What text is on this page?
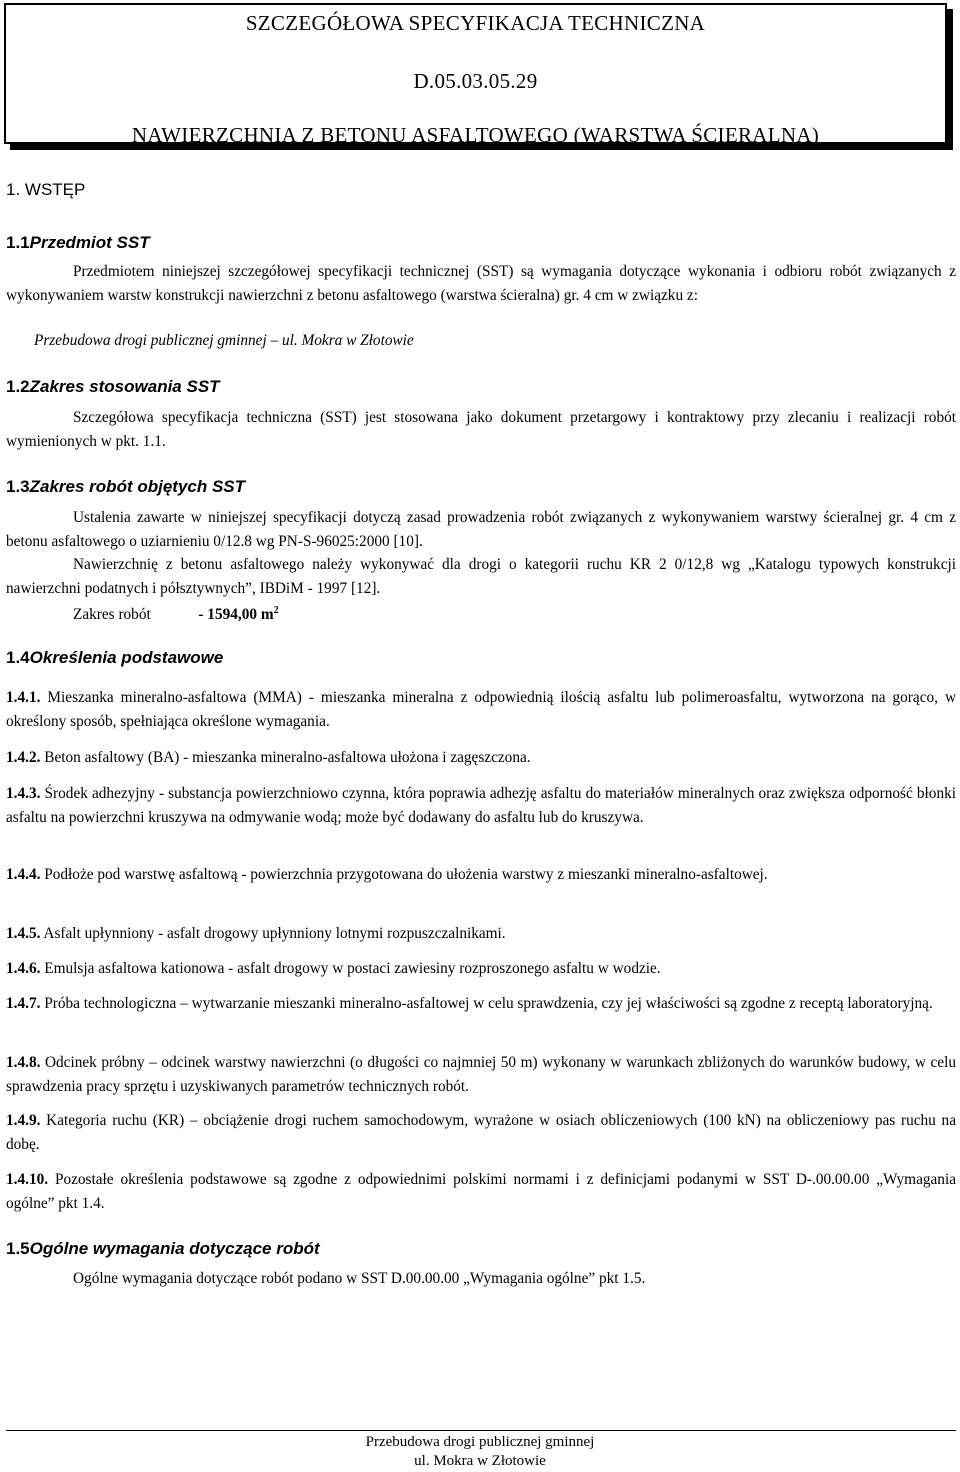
SZCZEGÓŁOWA SPECYFIKACJA TECHNICZNA
D.05.03.05.29
NAWIERZCHNIA Z BETONU ASFALTOWEGO (WARSTWA ŚCIERALNA)
1. WSTĘP
1.1Przedmiot SST
Przedmiotem niniejszej szczegółowej specyfikacji technicznej (SST) są wymagania dotyczące wykonania i odbioru robót związanych z wykonywaniem warstw konstrukcji nawierzchni z betonu asfaltowego (warstwa ścieralna) gr. 4 cm w związku z:
Przebudowa drogi publicznej gminnej – ul. Mokra w Złotowie
1.2Zakres stosowania SST
Szczegółowa specyfikacja techniczna (SST) jest stosowana jako dokument przetargowy i kontraktowy przy zlecaniu i realizacji robót wymienionych w pkt. 1.1.
1.3Zakres robót objętych SST
Ustalenia zawarte w niniejszej specyfikacji dotyczą zasad prowadzenia robót związanych z wykonywaniem warstwy ścieralnej gr. 4 cm z betonu asfaltowego o uziarnieniu 0/12.8 wg PN-S-96025:2000 [10].
Nawierzchnię z betonu asfaltowego należy wykonywać dla drogi o kategorii ruchu KR 2 0/12,8 wg „Katalogu typowych konstrukcji nawierzchni podatnych i półsztywnych”, IBDiM - 1997 [12].
Zakres robót	- 1594,00 $m^2$
1.4Określenia podstawowe
1.4.1. Mieszanka mineralno-asfaltowa (MMA) - mieszanka mineralna z odpowiednią ilością asfaltu lub polimeroasfaltu, wytworzona na gorąco, w określony sposób, spełniająca określone wymagania.
1.4.2. Beton asfaltowy (BA) - mieszanka mineralno-asfaltowa ułożona i zagęszczona.
1.4.3. Środek adhezyjny - substancja powierzchniowo czynna, która poprawia adhezję asfaltu do materiałów mineralnych oraz zwiększa odporność błonki asfaltu na powierzchni kruszywa na odmywanie wodą; może być dodawany do asfaltu lub do kruszywa.
1.4.4. Podłoże pod warstwę asfaltową - powierzchnia przygotowana do ułożenia warstwy z mieszanki mineralno-asfaltowej.
1.4.5. Asfalt upłynniony - asfalt drogowy upłynniony lotnymi rozpuszczalnikami.
1.4.6. Emulsja asfaltowa kationowa - asfalt drogowy w postaci zawiesiny rozproszonego asfaltu w wodzie.
1.4.7. Próba technologiczna – wytwarzanie mieszanki mineralno-asfaltowej w celu sprawdzenia, czy jej właściwości są zgodne z receptą laboratoryjną.
1.4.8. Odcinek próbny – odcinek warstwy nawierzchni (o długości co najmniej 50 m) wykonany w warunkach zbliżonych do warunków budowy, w celu sprawdzenia pracy sprzętu i uzyskiwanych parametrów technicznych robót.
1.4.9. Kategoria ruchu (KR) – obciążenie drogi ruchem samochodowym, wyrażone w osiach obliczeniowych (100 kN) na obliczeniowy pas ruchu na dobę.
1.4.10. Pozostałe określenia podstawowe są zgodne z odpowiednimi polskimi normami i z definicjami podanymi w SST D-.00.00.00 „Wymagania ogólne” pkt 1.4.
1.5Ogólne wymagania dotyczące robót
Ogólne wymagania dotyczące robót podano w SST D.00.00.00 „Wymagania ogólne” pkt 1.5.
Przebudowa drogi publicznej gminnej
ul. Mokra w Złotowie
